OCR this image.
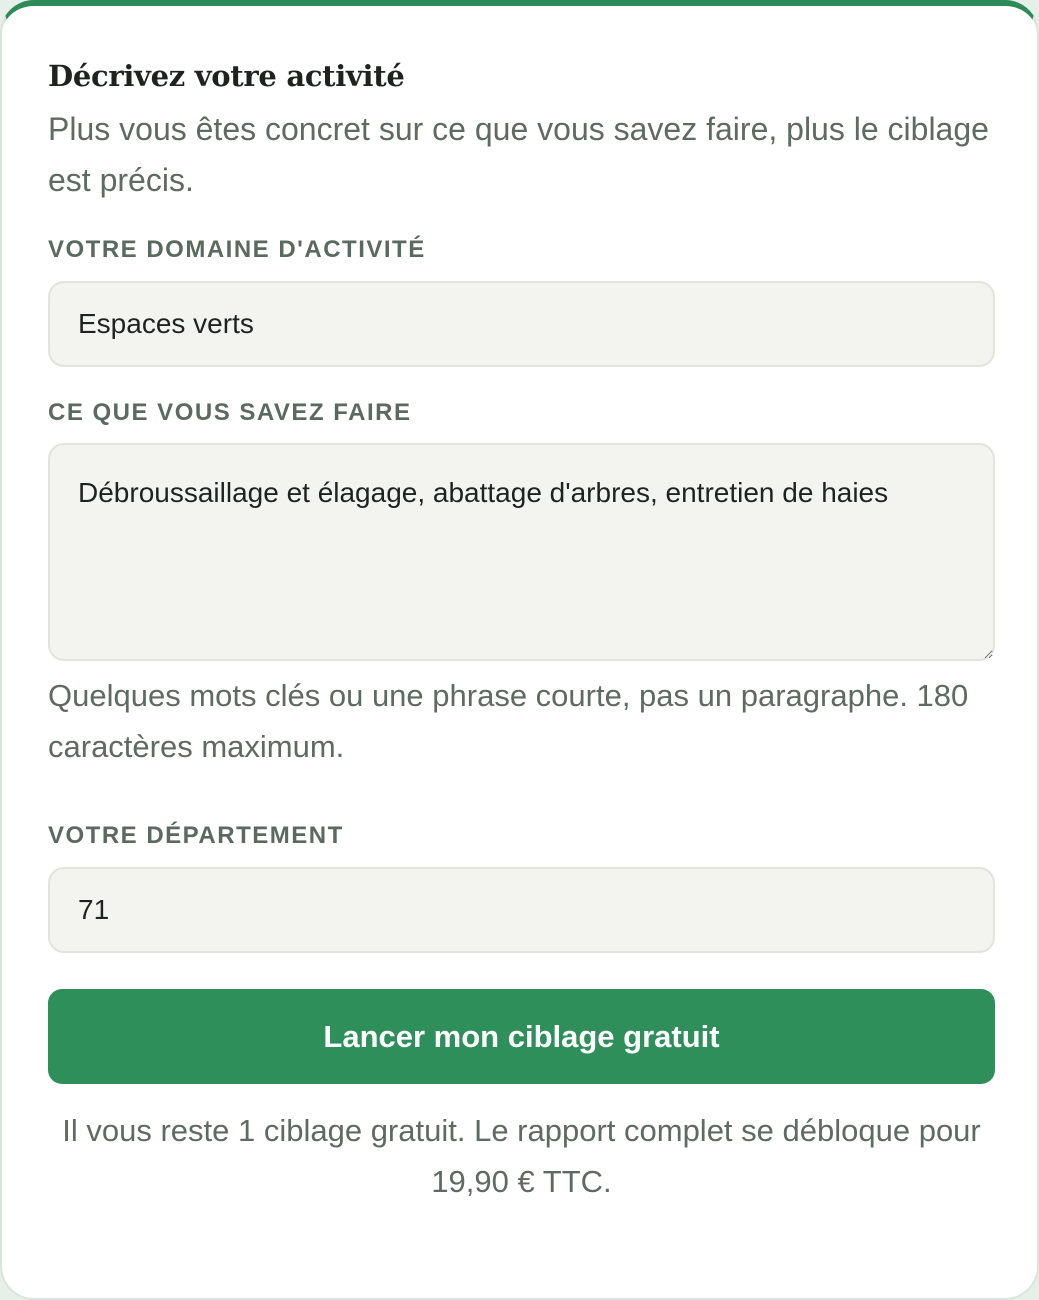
Décrivez votre activité

Plus vous êtes concret sur ce que vous savez faire, plus le ciblage est précis.

VOTRE DOMAINE D'ACTIVITÉ
Espaces verts
CE QUE VOUS SAVEZ FAIRE
Débroussaillage et élagage, abattage d'arbres, entretien de haies

Quelques mots clés ou une phrase courte, pas un paragraphe. 180 caractères maximum.

VOTRE DÉPARTEMENT
71
Lancer mon ciblage gratuit

Il vous reste 1 ciblage gratuit. Le rapport complet se débloque pour 19,90 € TTC.
